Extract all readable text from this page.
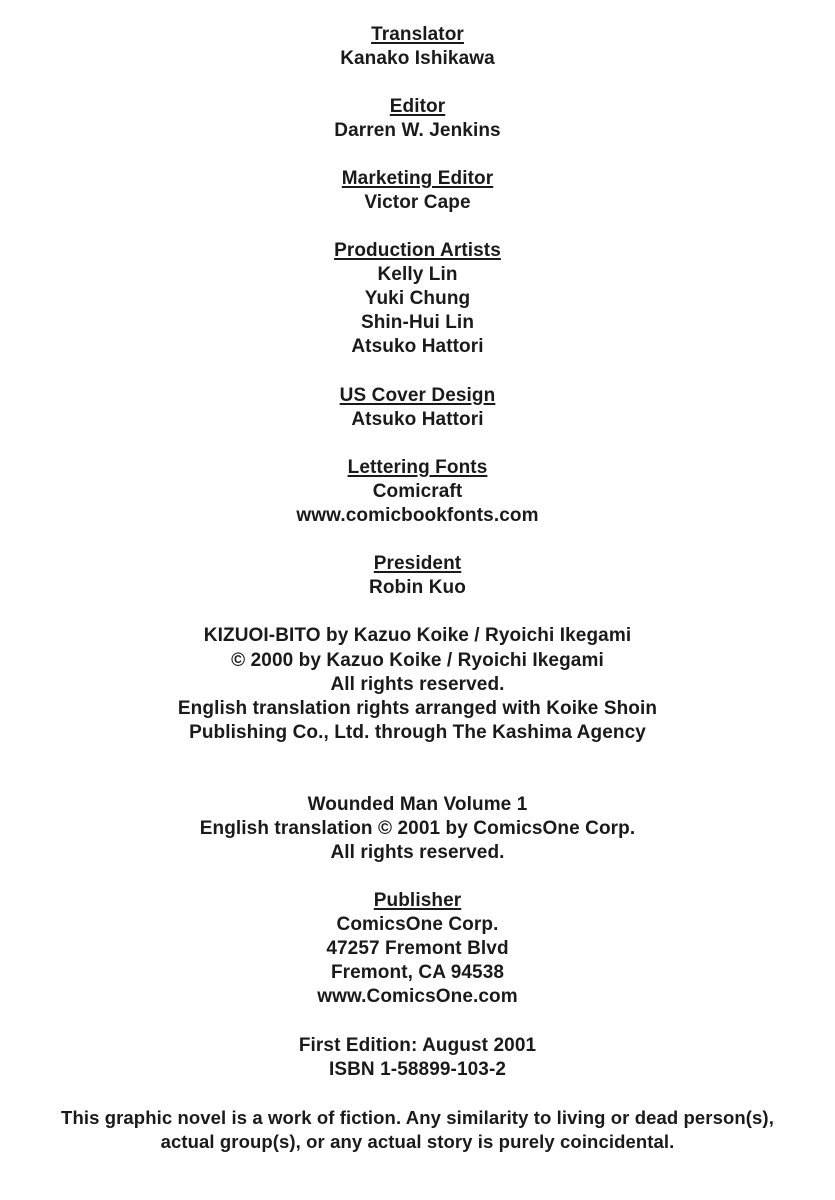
Translator
Kanako Ishikawa
Editor
Darren W. Jenkins
Marketing Editor
Victor Cape
Production Artists
Kelly Lin
Yuki Chung
Shin-Hui Lin
Atsuko Hattori
US Cover Design
Atsuko Hattori
Lettering Fonts
Comicraft
www.comicbookfonts.com
President
Robin Kuo
KIZUOI-BITO by Kazuo Koike / Ryoichi Ikegami
© 2000 by Kazuo Koike / Ryoichi Ikegami
All rights reserved.
English translation rights arranged with Koike Shoin
Publishing Co., Ltd. through The Kashima Agency
Wounded Man Volume 1
English translation © 2001 by ComicsOne Corp.
All rights reserved.
Publisher
ComicsOne Corp.
47257 Fremont Blvd
Fremont, CA 94538
www.ComicsOne.com
First Edition: August 2001
ISBN 1-58899-103-2
This graphic novel is a work of fiction. Any similarity to living or dead person(s),
actual group(s), or any actual story is purely coincidental.
